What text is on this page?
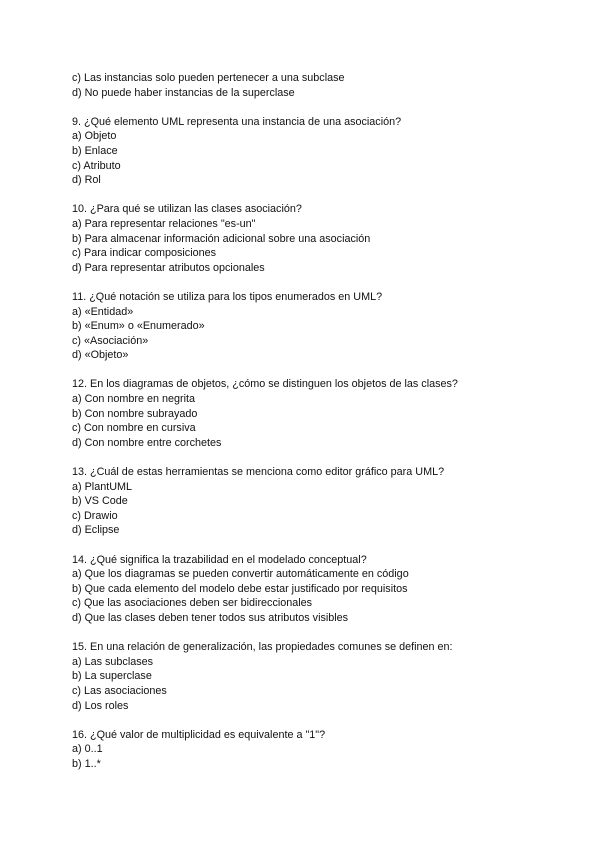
c) Las instancias solo pueden pertenecer a una subclase
d) No puede haber instancias de la superclase
9. ¿Qué elemento UML representa una instancia de una asociación?
a) Objeto
b) Enlace
c) Atributo
d) Rol
10. ¿Para qué se utilizan las clases asociación?
a) Para representar relaciones "es-un"
b) Para almacenar información adicional sobre una asociación
c) Para indicar composiciones
d) Para representar atributos opcionales
11. ¿Qué notación se utiliza para los tipos enumerados en UML?
a) «Entidad»
b) «Enum» o «Enumerado»
c) «Asociación»
d) «Objeto»
12. En los diagramas de objetos, ¿cómo se distinguen los objetos de las clases?
a) Con nombre en negrita
b) Con nombre subrayado
c) Con nombre en cursiva
d) Con nombre entre corchetes
13. ¿Cuál de estas herramientas se menciona como editor gráfico para UML?
a) PlantUML
b) VS Code
c) Drawio
d) Eclipse
14. ¿Qué significa la trazabilidad en el modelado conceptual?
a) Que los diagramas se pueden convertir automáticamente en código
b) Que cada elemento del modelo debe estar justificado por requisitos
c) Que las asociaciones deben ser bidireccionales
d) Que las clases deben tener todos sus atributos visibles
15. En una relación de generalización, las propiedades comunes se definen en:
a) Las subclases
b) La superclase
c) Las asociaciones
d) Los roles
16. ¿Qué valor de multiplicidad es equivalente a "1"?
a) 0..1
b) 1..*
